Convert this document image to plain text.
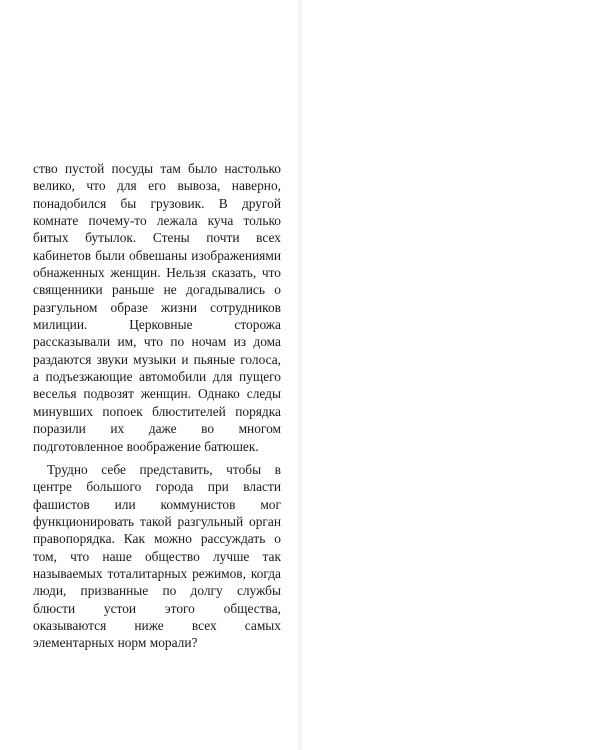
ство пустой посуды там было настолько велико, что для его вывоза, наверно, понадобился бы грузовик. В другой комнате почему-то лежала куча только битых бутылок. Стены почти всех кабинетов были обвешаны изображениями обнаженных женщин. Нельзя сказать, что священники раньше не догадывались о разгульном образе жизни сотрудников милиции. Церковные сторожа рассказывали им, что по ночам из дома раздаются звуки музыки и пьяные голоса, а подъезжающие автомобили для пущего веселья подвозят женщин. Однако следы минувших попоек блюстителей порядка поразили их даже во многом подготовленное воображение батюшек.

Трудно себе представить, чтобы в центре большого города при власти фашистов или коммунистов мог функционировать такой разгульный орган правопорядка. Как можно рассуждать о том, что наше общество лучше так называемых тоталитарных режимов, когда люди, призванные по долгу службы блюсти устои этого общества, оказываются ниже всех самых элементарных норм морали?
